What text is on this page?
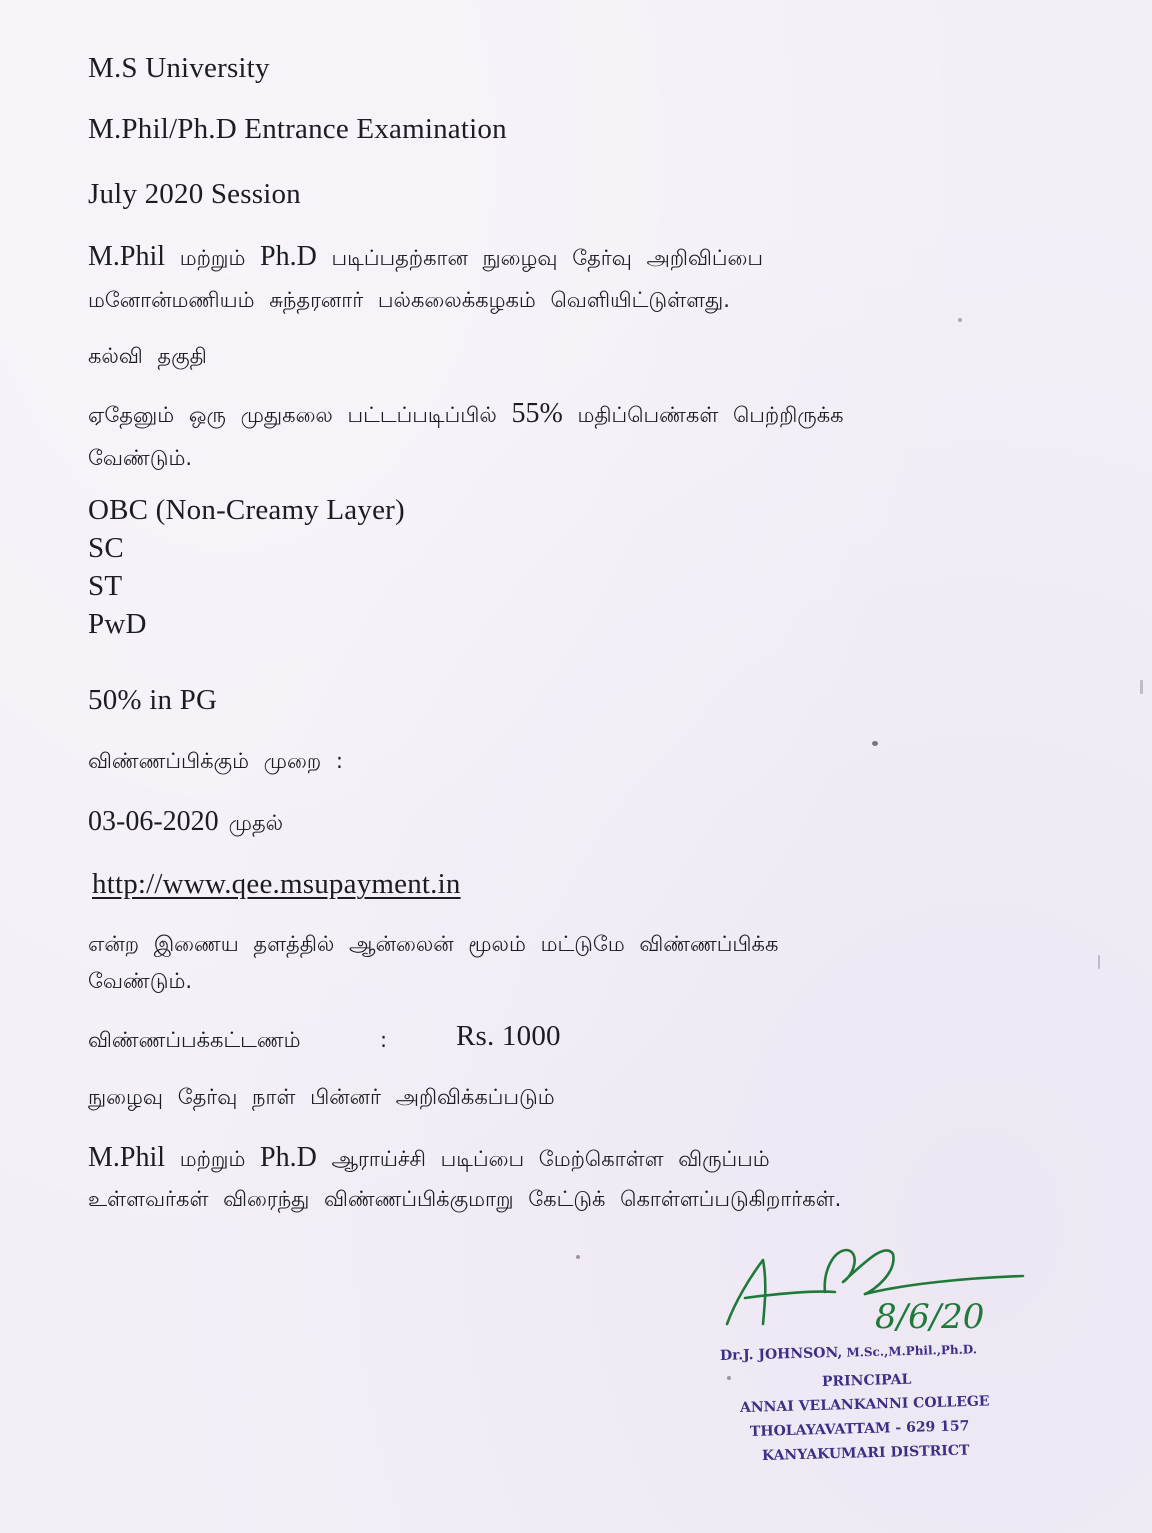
M.S University

M.Phil/Ph.D Entrance Examination

July 2020 Session

M.Phil மற்றும் Ph.D படிப்பதற்கான நுழைவு தேர்வு அறிவிப்பை

மனோன்மணியம் சுந்தரனார் பல்கலைக்கழகம் வெளியிட்டுள்ளது.

கல்வி தகுதி

ஏதேனும் ஒரு முதுகலை பட்டப்படிப்பில் 55% மதிப்பெண்கள் பெற்றிருக்க

வேண்டும்.

OBC (Non-Creamy Layer)

SC

ST

PwD

50% in PG

விண்ணப்பிக்கும் முறை :

03-06-2020 முதல்

http://www.qee.msupayment.in

என்ற இணைய தளத்தில் ஆன்லைன் மூலம் மட்டுமே விண்ணப்பிக்க

வேண்டும்.

விண்ணப்பக்கட்டணம்	: Rs. 1000

நுழைவு தேர்வு நாள் பின்னர் அறிவிக்கப்படும்

M.Phil மற்றும் Ph.D ஆராய்ச்சி படிப்பை மேற்கொள்ள விருப்பம்

உள்ளவர்கள் விரைந்து விண்ணப்பிக்குமாறு கேட்டுக் கொள்ளப்படுகிறார்கள்.

8/6/20
Dr.J. JOHNSON, M.Sc.,M.Phil.,Ph.D.
PRINCIPAL
ANNAI VELANKANNI COLLEGE
THOLAYAVATTAM - 629 157
KANYAKUMARI DISTRICT
